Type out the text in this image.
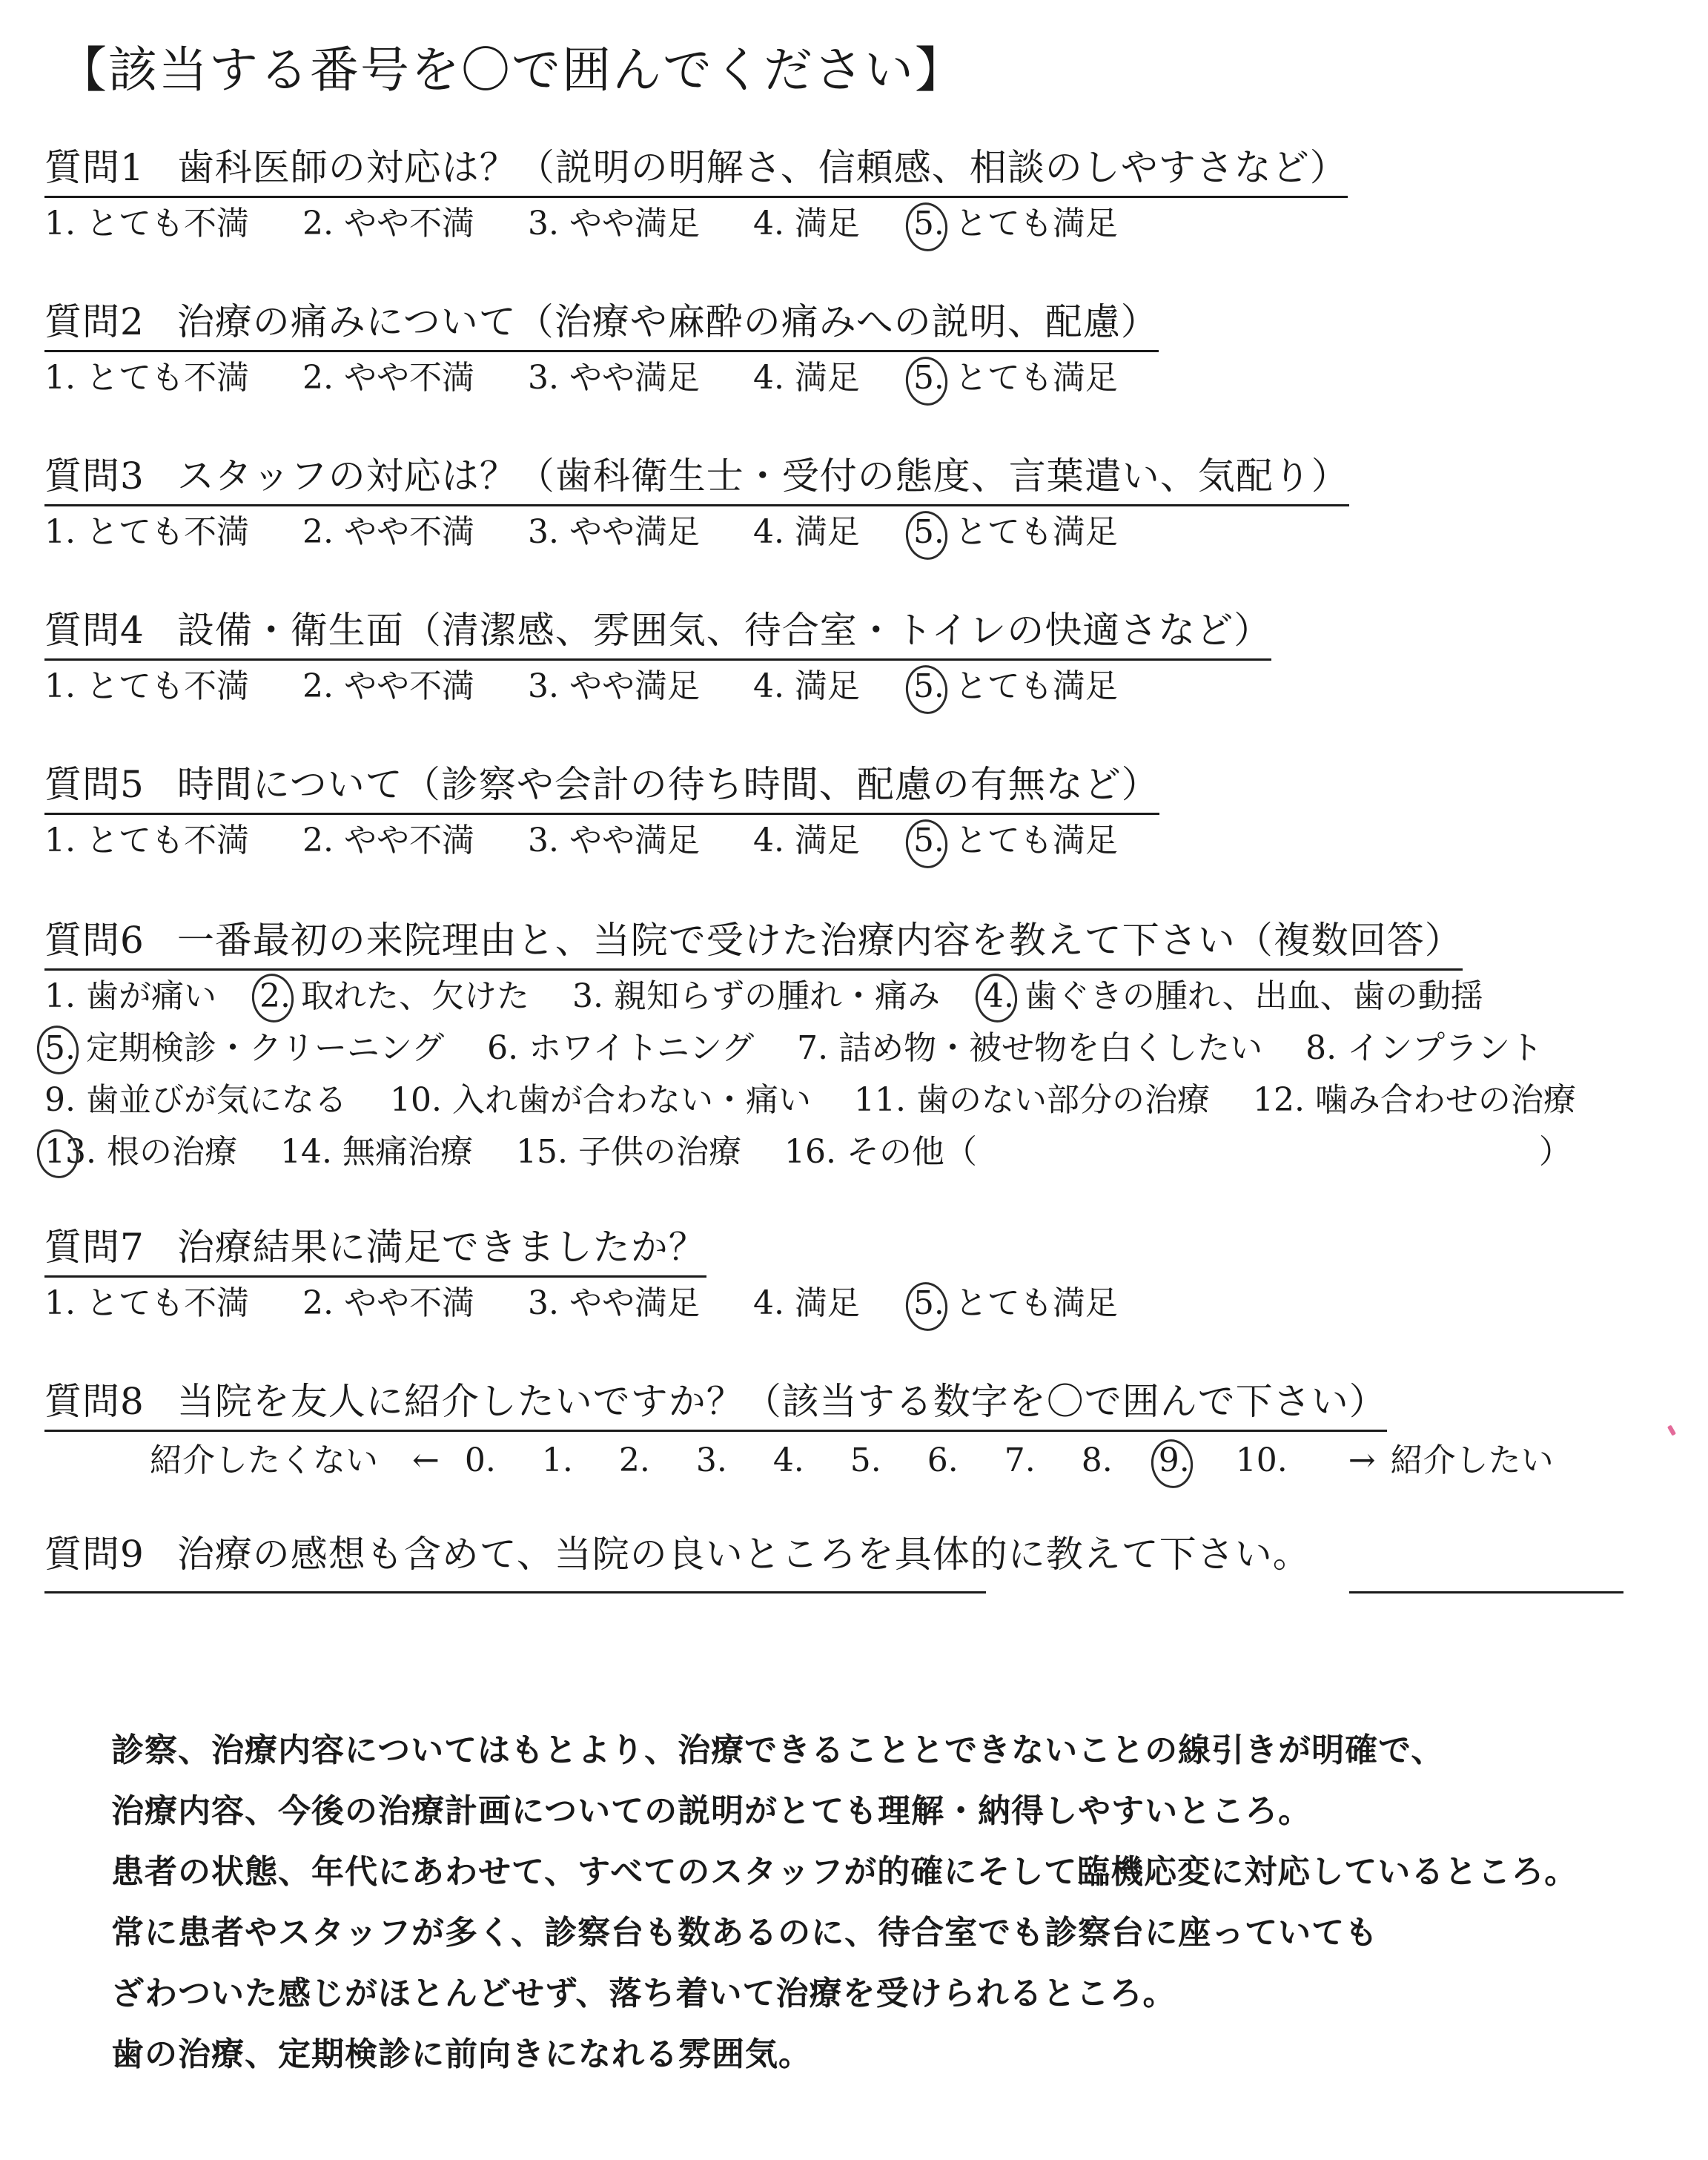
【該当する番号を〇で囲んでください】
質問1 歯科医師の対応は？（説明の明解さ、信頼感、相談のしやすさなど）
1. とても不満 2. やや不満 3. やや満足 4. 満足 5. とても満足
質問2 治療の痛みについて（治療や麻酔の痛みへの説明、配慮）
1. とても不満 2. やや不満 3. やや満足 4. 満足 5. とても満足
質問3 スタッフの対応は？（歯科衛生士・受付の態度、言葉遣い、気配り）
1. とても不満 2. やや不満 3. やや満足 4. 満足 5. とても満足
質問4 設備・衛生面（清潔感、雰囲気、待合室・トイレの快適さなど）
1. とても不満 2. やや不満 3. やや満足 4. 満足 5. とても満足
質問5 時間について（診察や会計の待ち時間、配慮の有無など）
1. とても不満 2. やや不満 3. やや満足 4. 満足 5. とても満足
質問6 一番最初の来院理由と、当院で受けた治療内容を教えて下さい（複数回答）
1. 歯が痛い 2. 取れた、欠けた 3. 親知らずの腫れ・痛み 4. 歯ぐきの腫れ、出血、歯の動揺
5. 定期検診・クリーニング 6. ホワイトニング 7. 詰め物・被せ物を白くしたい 8. インプラント
9. 歯並びが気になる 10. 入れ歯が合わない・痛い 11. 歯のない部分の治療 12. 噛み合わせの治療
13. 根の治療 14. 無痛治療 15. 子供の治療 16. その他（	）
質問7 治療結果に満足できましたか？
1. とても不満 2. やや不満 3. やや満足 4. 満足 5. とても満足
質問8 当院を友人に紹介したいですか？（該当する数字を〇で囲んで下さい）
紹介したくない ← 0. 1. 2. 3. 4. 5. 6. 7. 8. 9. 10. → 紹介したい
質問9 治療の感想も含めて、当院の良いところを具体的に教えて下さい。
診察、治療内容についてはもとより、治療できることとできないことの線引きが明確で、
治療内容、今後の治療計画についての説明がとても理解・納得しやすいところ。
患者の状態、年代にあわせて、すべてのスタッフが的確にそして臨機応変に対応しているところ。
常に患者やスタッフが多く、診察台も数あるのに、待合室でも診察台に座っていても
ざわついた感じがほとんどせず、落ち着いて治療を受けられるところ。
歯の治療、定期検診に前向きになれる雰囲気。
